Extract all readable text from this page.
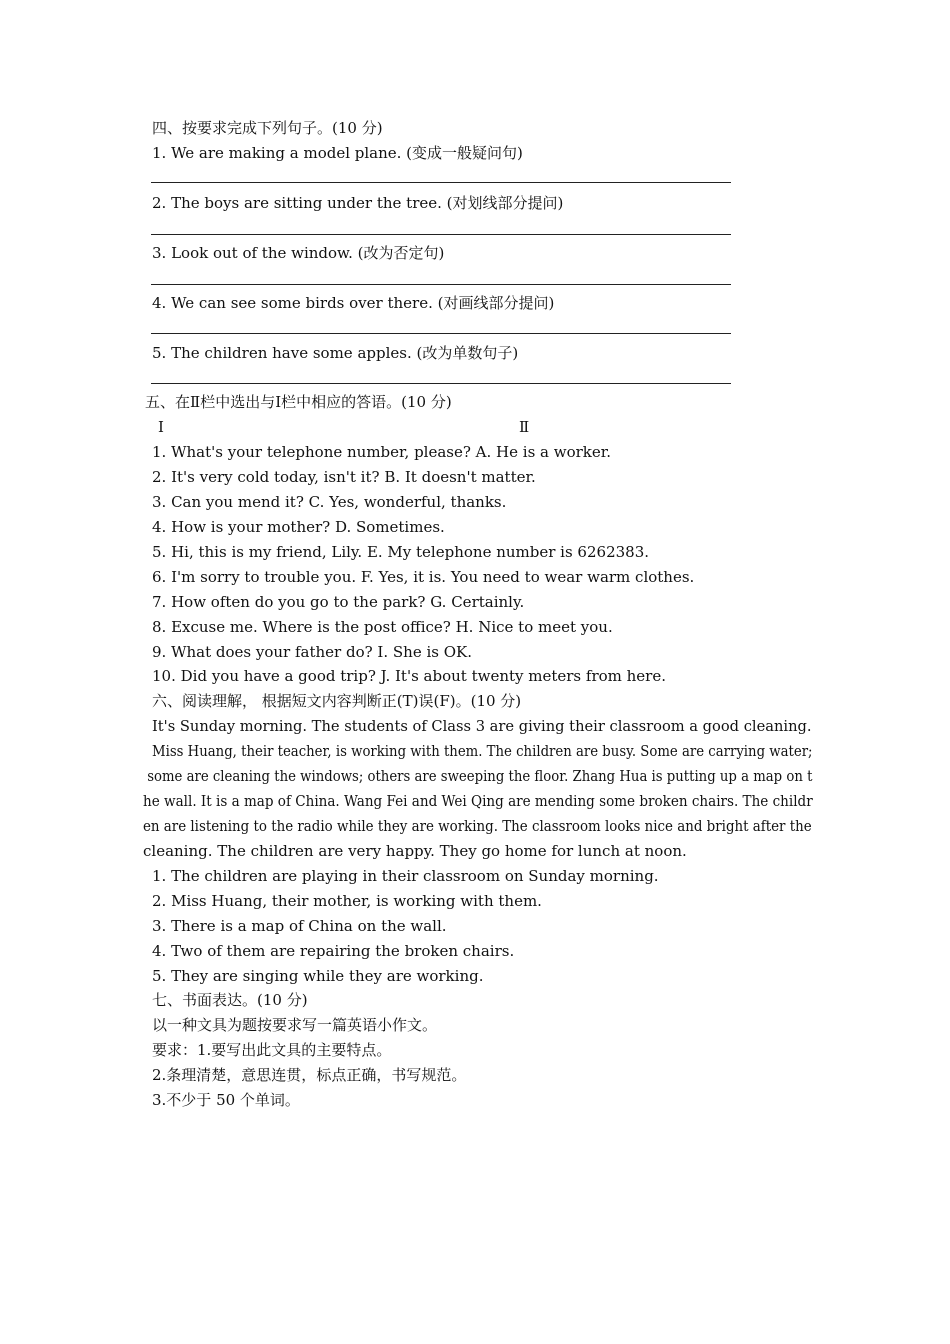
四、按要求完成下列句子。(10 分)
1. We are making a model plane. (变成一般疑问句)
2. The boys are sitting under the tree. (对划线部分提问)
3. Look out of the window. (改为否定句)
4. We can see some birds over there. (对画线部分提问)
5. The children have some apples. (改为单数句子)
五、在Ⅱ栏中选出与Ⅰ栏中相应的答语。(10 分)
Ⅰ	Ⅱ
1. What's your telephone number, please? A. He is a worker.
2. It's very cold today, isn't it? B. It doesn't matter.
3. Can you mend it? C. Yes, wonderful, thanks.
4. How is your mother? D. Sometimes.
5. Hi, this is my friend, Lily. E. My telephone number is 6262383.
6. I'm sorry to trouble you. F. Yes, it is. You need to wear warm clothes.
7. How often do you go to the park? G. Certainly.
8. Excuse me. Where is the post office? H. Nice to meet you.
9. What does your father do? I. She is OK.
10. Did you have a good trip? J. It's about twenty meters from here.
六、阅读理解， 根据短文内容判断正(T)误(F)。(10 分)
It's Sunday morning. The students of Class 3 are giving their classroom a good cleaning.
Miss Huang, their teacher, is working with them. The children are busy. Some are carrying water;
some are cleaning the windows; others are sweeping the floor. Zhang Hua is putting up a map on t
he wall. It is a map of China. Wang Fei and Wei Qing are mending some broken chairs. The childr
en are listening to the radio while they are working. The classroom looks nice and bright after the
cleaning. The children are very happy. They go home for lunch at noon.
1. The children are playing in their classroom on Sunday morning.
2. Miss Huang, their mother, is working with them.
3. There is a map of China on the wall.
4. Two of them are repairing the broken chairs.
5. They are singing while they are working.
七、书面表达。(10 分)
以一种文具为题按要求写一篇英语小作文。
要求：1.要写出此文具的主要特点。
2.条理清楚，意思连贯，标点正确，书写规范。
3.不少于 50 个单词。
